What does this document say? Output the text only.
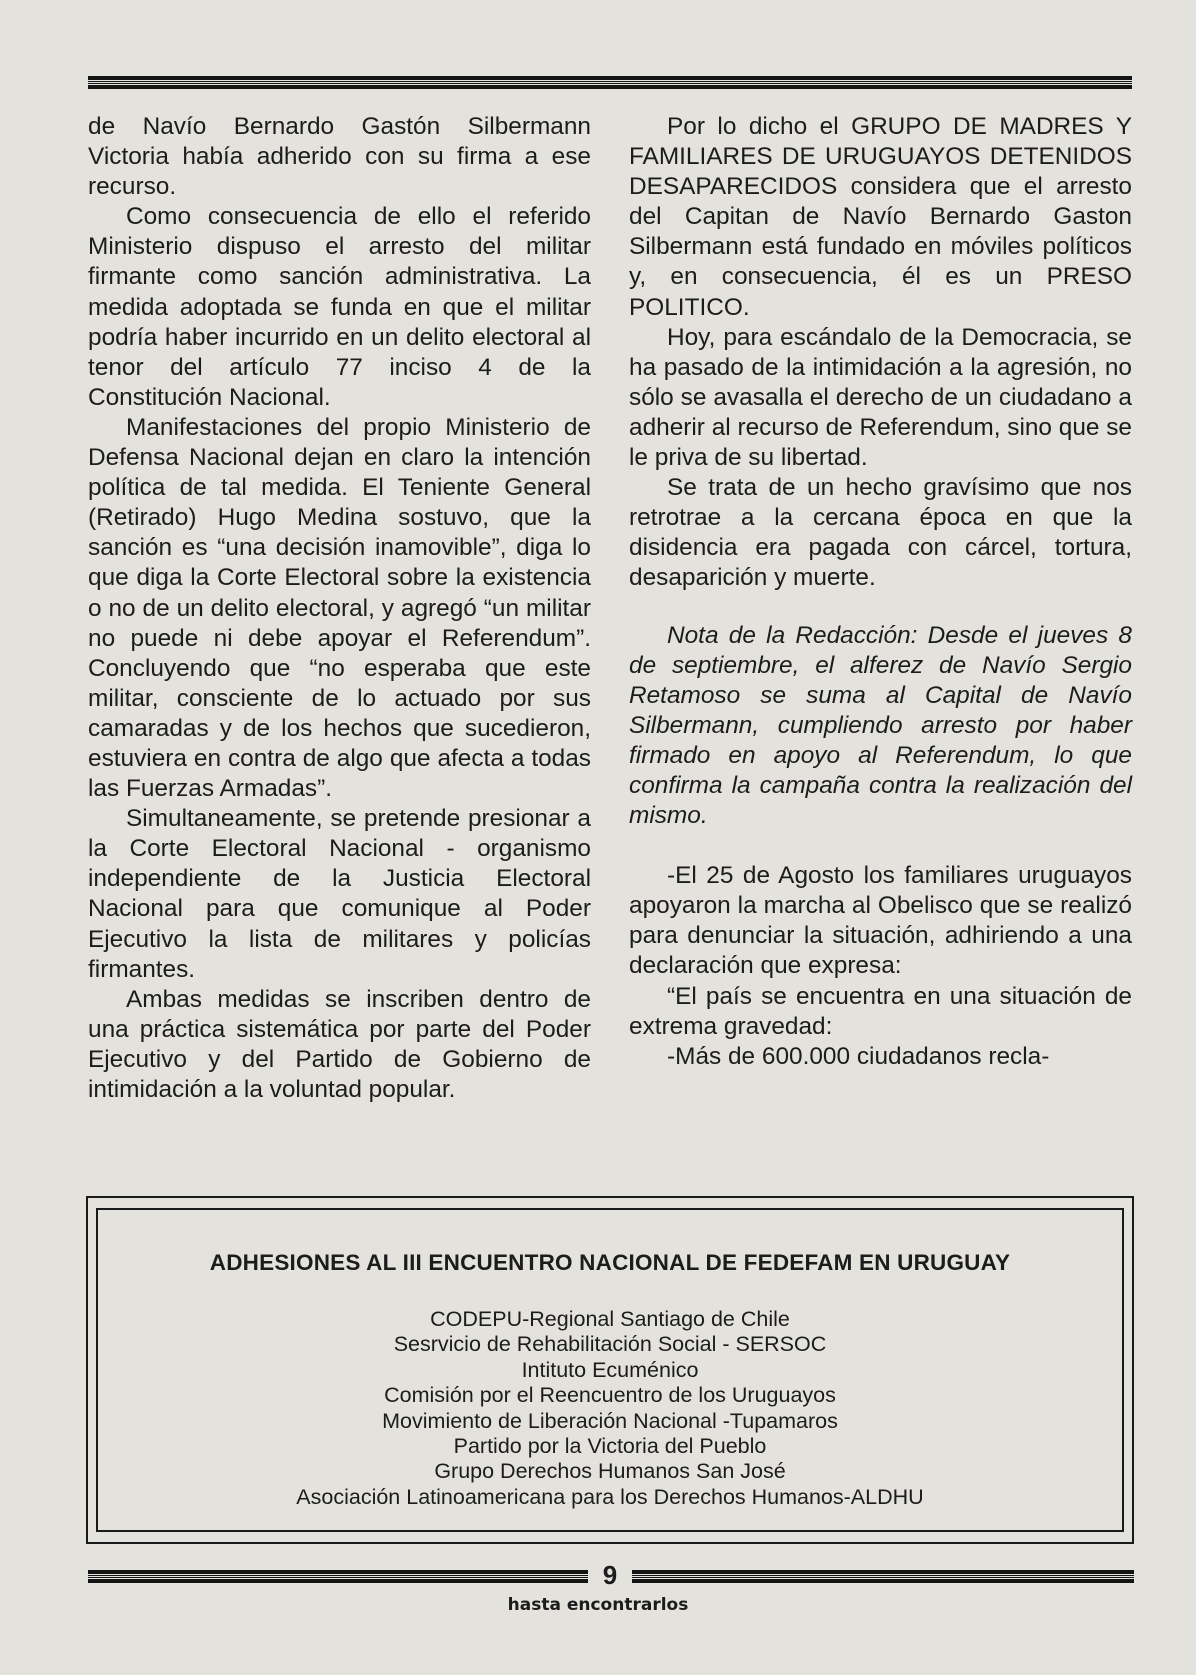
de Navío Bernardo Gastón Silbermann Victoria había adherido con su firma a ese recurso.

Como consecuencia de ello el referido Ministerio dispuso el arresto del militar firmante como sanción administrativa. La medida adoptada se funda en que el militar podría haber incurrido en un delito electoral al tenor del artículo 77 inciso 4 de la Constitución Nacional.

Manifestaciones del propio Ministerio de Defensa Nacional dejan en claro la intención política de tal medida. El Teniente General (Retirado) Hugo Medina sostuvo, que la sanción es “una decisión inamovible”, diga lo que diga la Corte Electoral sobre la existencia o no de un delito electoral, y agregó “un militar no puede ni debe apoyar el Referendum”. Concluyendo que “no esperaba que este militar, consciente de lo actuado por sus camaradas y de los hechos que sucedieron, estuviera en contra de algo que afecta a todas las Fuerzas Armadas”.

Simultaneamente, se pretende presionar a la Corte Electoral Nacional - organismo independiente de la Justicia Electoral Nacional para que comunique al Poder Ejecutivo la lista de militares y policías firmantes.

Ambas medidas se inscriben dentro de una práctica sistemática por parte del Poder Ejecutivo y del Partido de Gobierno de intimidación a la voluntad popular.

Por lo dicho el GRUPO DE MADRES Y FAMILIARES DE URUGUAYOS DETENIDOS DESAPARECIDOS considera que el arresto del Capitan de Navío Bernardo Gaston Silbermann está fundado en móviles políticos y, en consecuencia, él es un PRESO POLITICO.

Hoy, para escándalo de la Democracia, se ha pasado de la intimidación a la agresión, no sólo se avasalla el derecho de un ciudadano a adherir al recurso de Referendum, sino que se le priva de su libertad.

Se trata de un hecho gravísimo que nos retrotrae a la cercana época en que la disidencia era pagada con cárcel, tortura, desaparición y muerte.

Nota de la Redacción: Desde el jueves 8 de septiembre, el alferez de Navío Sergio Retamoso se suma al Capital de Navío Silbermann, cumpliendo arresto por haber firmado en apoyo al Referendum, lo que confirma la campaña contra la realización del mismo.

-El 25 de Agosto los familiares uruguayos apoyaron la marcha al Obelisco que se realizó para denunciar la situación, adhiriendo a una declaración que expresa:

“El país se encuentra en una situación de extrema gravedad:

-Más de 600.000 ciudadanos recla-

ADHESIONES AL III ENCUENTRO NACIONAL DE FEDEFAM EN URUGUAY
CODEPU-Regional Santiago de Chile
Sesrvicio de Rehabilitación Social - SERSOC
Intituto Ecuménico
Comisión por el Reencuentro de los Uruguayos
Movimiento de Liberación Nacional -Tupamaros
Partido por la Victoria del Pueblo
Grupo Derechos Humanos San José
Asociación Latinoamericana para los Derechos Humanos-ALDHU
9
hasta encontrarlos
